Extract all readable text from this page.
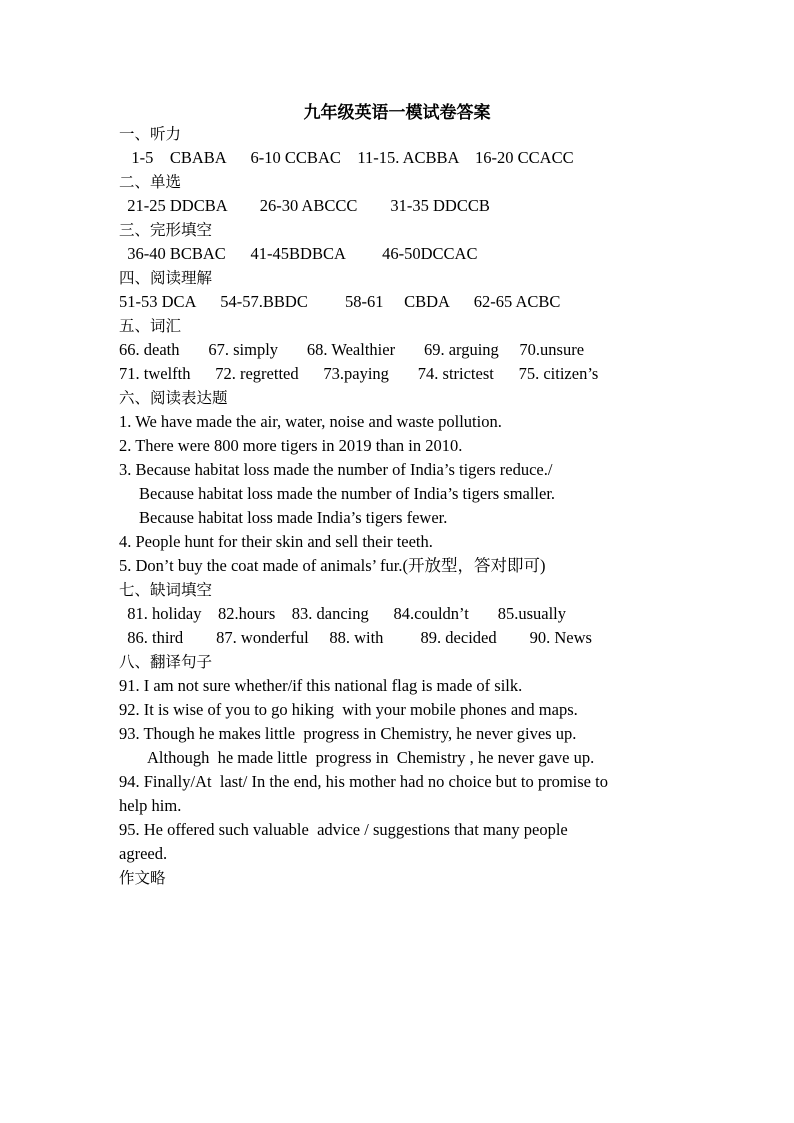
九年级英语一模试卷答案
一、听力
1-5    CBABA      6-10 CCBAC    11-15. ACBBA    16-20 CCACC
二、单选
21-25 DDCBA        26-30 ABCCC        31-35 DDCCB
三、完形填空
36-40 BCBAC      41-45BDBCA         46-50DCCAC
四、阅读理解
51-53 DCA      54-57.BBDC         58-61     CBDA      62-65 ACBC
五、词汇
66. death       67. simply       68. Wealthier       69. arguing     70.unsure
71. twelfth      72. regretted      73.paying       74. strictest      75. citizen’s
六、阅读表达题
1. We have made the air, water, noise and waste pollution.
2. There were 800 more tigers in 2019 than in 2010.
3. Because habitat loss made the number of India’s tigers reduce./
Because habitat loss made the number of India’s tigers smaller.
Because habitat loss made India’s tigers fewer.
4. People hunt for their skin and sell their teeth.
5. Don’t buy the coat made of animals’ fur.(开放型，答对即可)
七、缺词填空
81. holiday    82.hours    83. dancing      84.couldn’t       85.usually
86. third        87. wonderful     88. with         89. decided        90. News
八、翻译句子
91. I am not sure whether/if this national flag is made of silk.
92. It is wise of you to go hiking  with your mobile phones and maps.
93. Though he makes little  progress in Chemistry, he never gives up.
Although  he made little  progress in  Chemistry , he never gave up.
94. Finally/At  last/ In the end, his mother had no choice but to promise to
help him.
95. He offered such valuable  advice / suggestions that many people
agreed.
作文略
